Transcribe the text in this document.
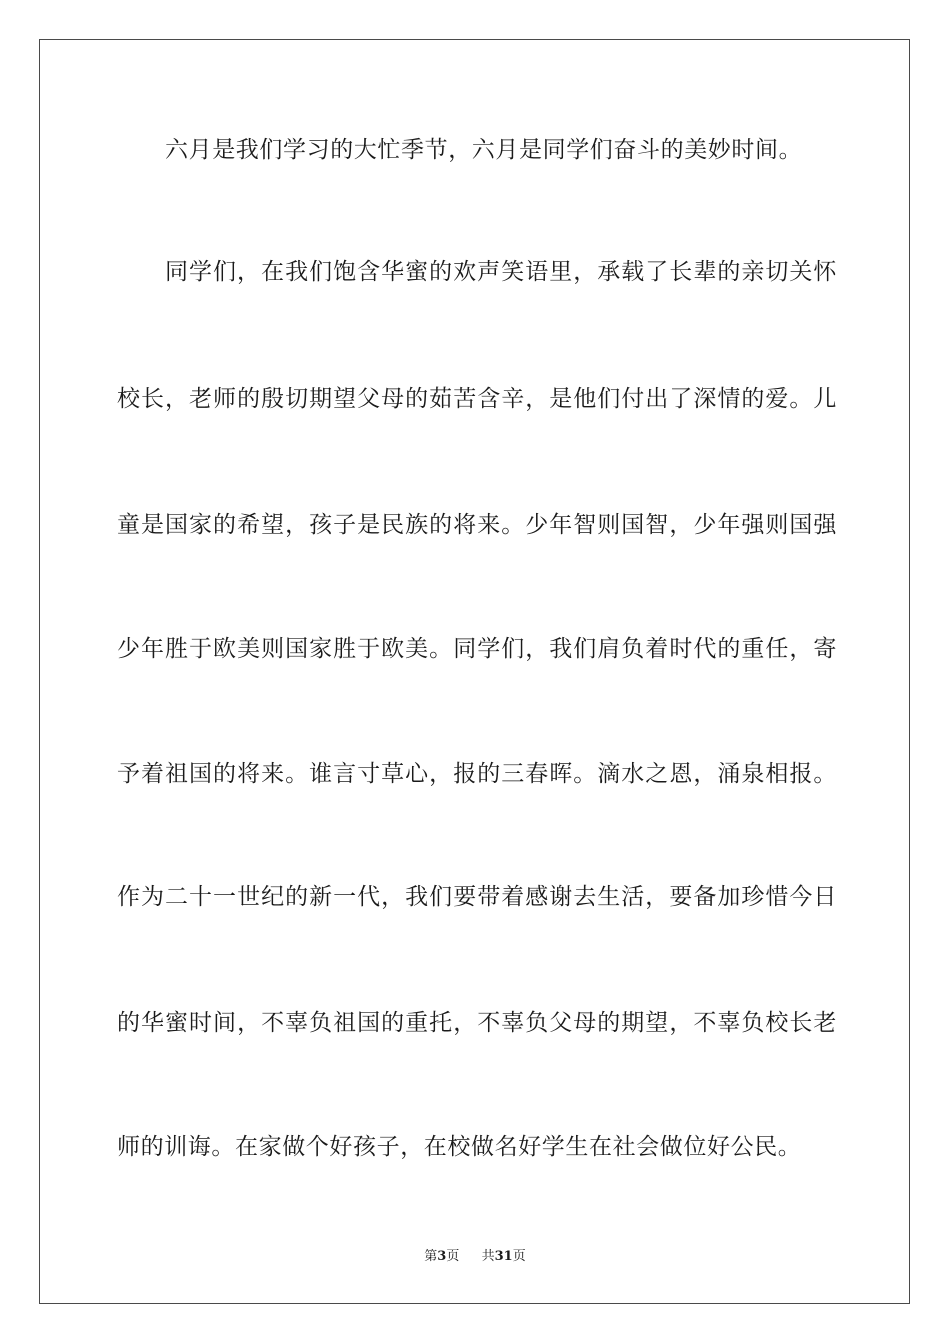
六月是我们学习的大忙季节，六月是同学们奋斗的美妙时间。
同学们，在我们饱含华蜜的欢声笑语里，承载了长辈的亲切关怀
校长，老师的殷切期望父母的茹苦含辛，是他们付出了深情的爱。儿
童是国家的希望，孩子是民族的将来。少年智则国智，少年强则国强
少年胜于欧美则国家胜于欧美。同学们，我们肩负着时代的重任，寄
予着祖国的将来。谁言寸草心，报的三春晖。滴水之恩，涌泉相报。
作为二十一世纪的新一代，我们要带着感谢去生活，要备加珍惜今日
的华蜜时间，不辜负祖国的重托，不辜负父母的期望，不辜负校长老
师的训诲。在家做个好孩子，在校做名好学生在社会做位好公民。
第3页 共31页
